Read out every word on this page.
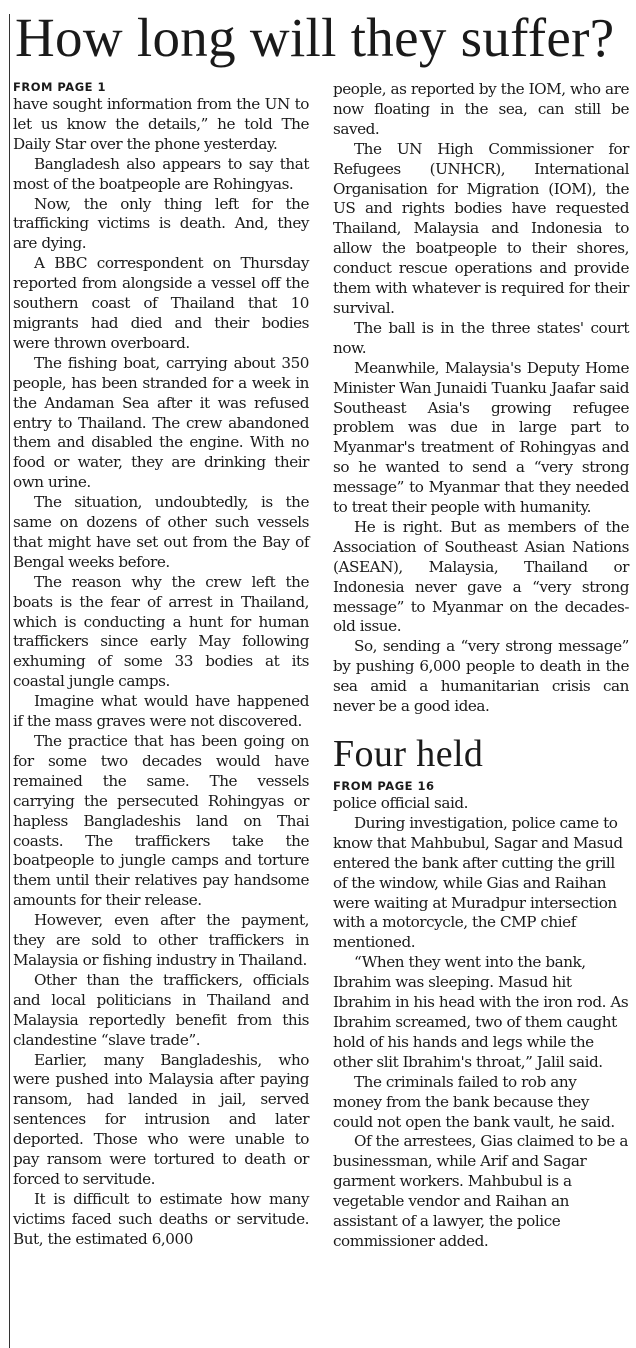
How long will they suffer?
FROM PAGE 1

have sought information from the UN to let us know the details,” he told The Daily Star over the phone yesterday.

Bangladesh also appears to say that most of the boatpeople are Rohingyas.

Now, the only thing left for the trafficking victims is death. And, they are dying.

A BBC correspondent on Thursday reported from alongside a vessel off the southern coast of Thailand that 10 migrants had died and their bodies were thrown overboard.

The fishing boat, carrying about 350 people, has been stranded for a week in the Andaman Sea after it was refused entry to Thailand. The crew abandoned them and disabled the engine. With no food or water, they are drinking their own urine.

The situation, undoubtedly, is the same on dozens of other such vessels that might have set out from the Bay of Bengal weeks before.

The reason why the crew left the boats is the fear of arrest in Thailand, which is conducting a hunt for human traffickers since early May following exhuming of some 33 bodies at its coastal jungle camps.

Imagine what would have happened if the mass graves were not discovered.

The practice that has been going on for some two decades would have remained the same. The vessels carrying the persecuted Rohingyas or hapless Bangladeshis land on Thai coasts. The traffickers take the boatpeople to jungle camps and torture them until their relatives pay handsome amounts for their release.

However, even after the payment, they are sold to other traffickers in Malaysia or fishing industry in Thailand.

Other than the traffickers, officials and local politicians in Thailand and Malaysia reportedly benefit from this clandestine “slave trade”.

Earlier, many Bangladeshis, who were pushed into Malaysia after paying ransom, had landed in jail, served sentences for intrusion and later deported. Those who were unable to pay ransom were tortured to death or forced to servitude.

It is difficult to estimate how many victims faced such deaths or servitude. But, the estimated 6,000

people, as reported by the IOM, who are now floating in the sea, can still be saved.

The UN High Commissioner for Refugees (UNHCR), International Organisation for Migration (IOM), the US and rights bodies have requested Thailand, Malaysia and Indonesia to allow the boatpeople to their shores, conduct rescue operations and provide them with whatever is required for their survival.

The ball is in the three states' court now.

Meanwhile, Malaysia's Deputy Home Minister Wan Junaidi Tuanku Jaafar said Southeast Asia's growing refugee problem was due in large part to Myanmar's treatment of Rohingyas and so he wanted to send a “very strong message” to Myanmar that they needed to treat their people with humanity.

He is right. But as members of the Association of Southeast Asian Nations (ASEAN), Malaysia, Thailand or Indonesia never gave a “very strong message” to Myanmar on the decades-old issue.

So, sending a “very strong message” by pushing 6,000 people to death in the sea amid a humanitarian crisis can never be a good idea.

Four held
FROM PAGE 16

police official said.

During investigation, police came to know that Mahbubul, Sagar and Masud entered the bank after cutting the grill of the window, while Gias and Raihan were waiting at Muradpur intersection with a motorcycle, the CMP chief mentioned.

“When they went into the bank, Ibrahim was sleeping. Masud hit Ibrahim in his head with the iron rod. As Ibrahim screamed, two of them caught hold of his hands and legs while the other slit Ibrahim's throat,” Jalil said.

The criminals failed to rob any money from the bank because they could not open the bank vault, he said.

Of the arrestees, Gias claimed to be a businessman, while Arif and Sagar garment workers. Mahbubul is a vegetable vendor and Raihan an assistant of a lawyer, the police commissioner added.
